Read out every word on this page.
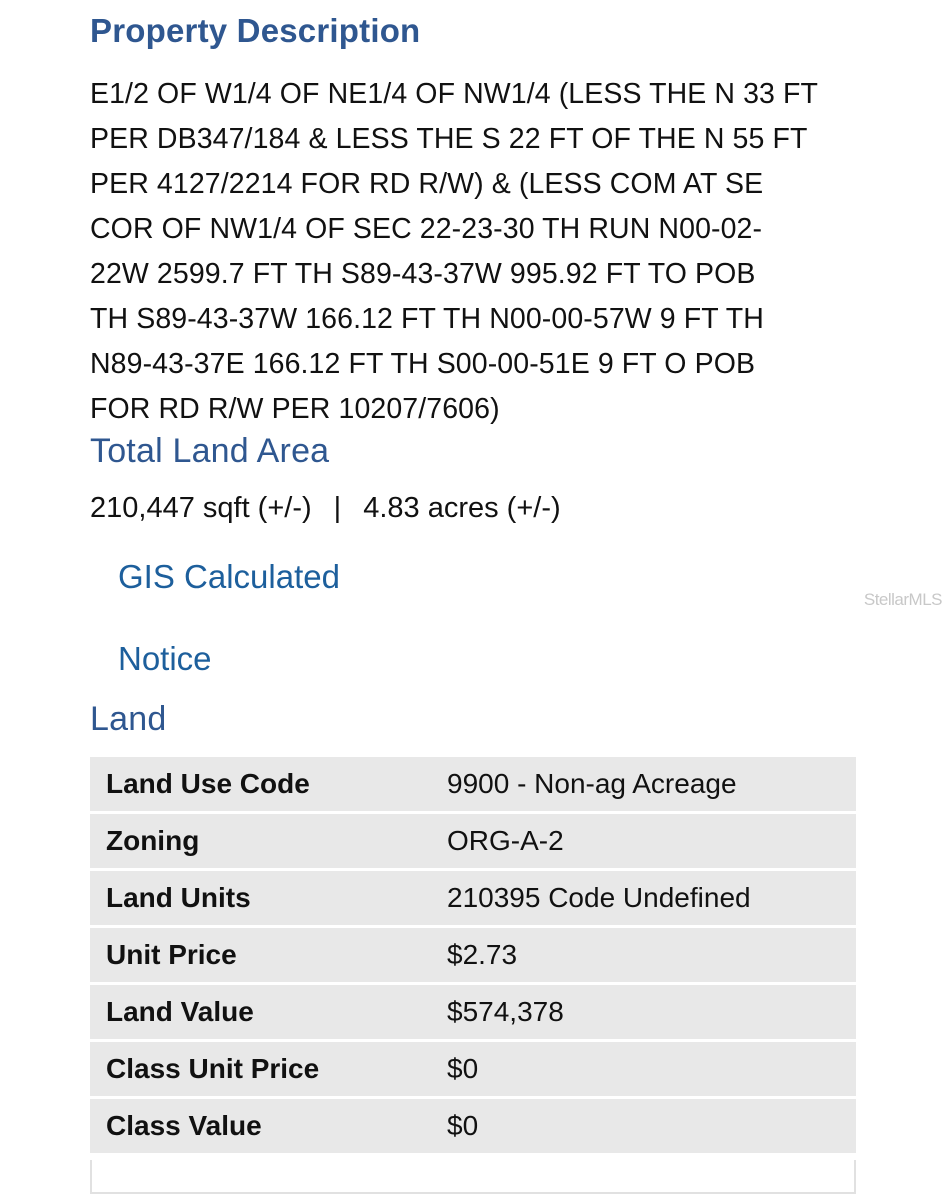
Property Description
E1/2 OF W1/4 OF NE1/4 OF NW1/4 (LESS THE N 33 FT
PER DB347/184 & LESS THE S 22 FT OF THE N 55 FT
PER 4127/2214 FOR RD R/W) & (LESS COM AT SE
COR OF NW1/4 OF SEC 22-23-30 TH RUN N00-02-
22W 2599.7 FT TH S89-43-37W 995.92 FT TO POB
TH S89-43-37W 166.12 FT TH N00-00-57W 9 FT TH
N89-43-37E 166.12 FT TH S00-00-51E 9 FT O POB
FOR RD R/W PER 10207/7606)
Total Land Area
210,447 sqft (+/-) | 4.83 acres (+/-)
GIS Calculated
Notice
Land
Land Use Code	9900 - Non-ag Acreage
Zoning	ORG-A-2
Land Units	210395 Code Undefined
Unit Price	$2.73
Land Value	$574,378
Class Unit Price	$0
Class Value	$0
StellarMLS
